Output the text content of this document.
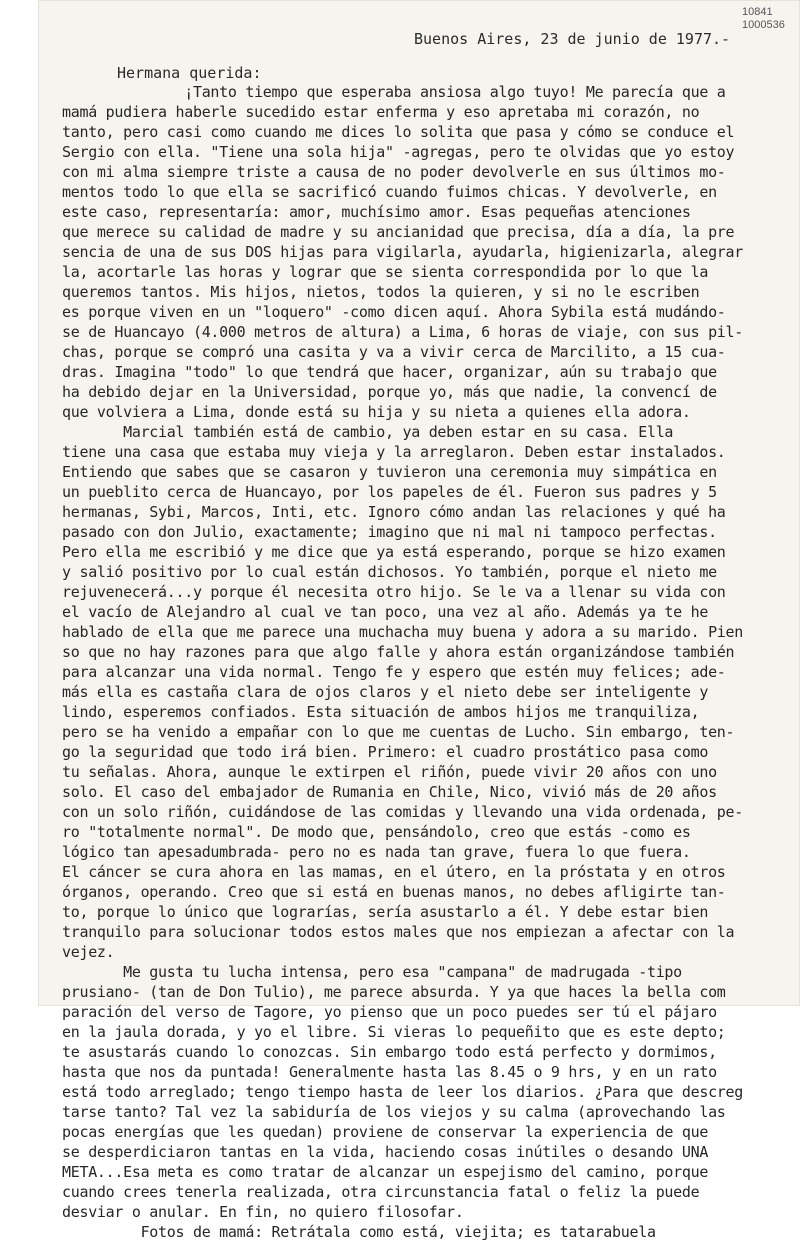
10841
1000536
Buenos Aires, 23 de junio de 1977.-
Hermana querida:
¡Tanto tiempo que esperaba ansiosa algo tuyo! Me parecía que a
mamá pudiera haberle sucedido estar enferma y eso apretaba mi corazón, no
tanto, pero casi como cuando me dices lo solita que pasa y cómo se conduce el
Sergio con ella. "Tiene una sola hija" -agregas, pero te olvidas que yo estoy
con mi alma siempre triste a causa de no poder devolverle en sus últimos mo-
mentos todo lo que ella se sacrificó cuando fuimos chicas. Y devolverle, en
este caso, representaría: amor, muchísimo amor. Esas pequeñas atenciones
que merece su calidad de madre y su ancianidad que precisa, día a día, la pre
sencia de una de sus DOS hijas para vigilarla, ayudarla, higienizarla, alegrar
la, acortarle las horas y lograr que se sienta correspondida por lo que la
queremos tantos. Mis hijos, nietos, todos la quieren, y si no le escriben
es porque viven en un "loquero" -como dicen aquí. Ahora Sybila está mudándo-
se de Huancayo (4.000 metros de altura) a Lima, 6 horas de viaje, con sus pil-
chas, porque se compró una casita y va a vivir cerca de Marcilito, a 15 cua-
dras. Imagina "todo" lo que tendrá que hacer, organizar, aún su trabajo que
ha debido dejar en la Universidad, porque yo, más que nadie, la convencí de
que volviera a Lima, donde está su hija y su nieta a quienes ella adora.
Marcial también está de cambio, ya deben estar en su casa. Ella
tiene una casa que estaba muy vieja y la arreglaron. Deben estar instalados.
Entiendo que sabes que se casaron y tuvieron una ceremonia muy simpática en
un pueblito cerca de Huancayo, por los papeles de él. Fueron sus padres y 5
hermanas, Sybi, Marcos, Inti, etc. Ignoro cómo andan las relaciones y qué ha
pasado con don Julio, exactamente; imagino que ni mal ni tampoco perfectas.
Pero ella me escribió y me dice que ya está esperando, porque se hizo examen
y salió positivo por lo cual están dichosos. Yo también, porque el nieto me
rejuvenecerá...y porque él necesita otro hijo. Se le va a llenar su vida con
el vacío de Alejandro al cual ve tan poco, una vez al año. Además ya te he
hablado de ella que me parece una muchacha muy buena y adora a su marido. Pien
so que no hay razones para que algo falle y ahora están organizándose también
para alcanzar una vida normal. Tengo fe y espero que estén muy felices; ade-
más ella es castaña clara de ojos claros y el nieto debe ser inteligente y
lindo, esperemos confiados. Esta situación de ambos hijos me tranquiliza,
pero se ha venido a empañar con lo que me cuentas de Lucho. Sin embargo, ten-
go la seguridad que todo irá bien. Primero: el cuadro prostático pasa como
tu señalas. Ahora, aunque le extirpen el riñón, puede vivir 20 años con uno
solo. El caso del embajador de Rumania en Chile, Nico, vivió más de 20 años
con un solo riñón, cuidándose de las comidas y llevando una vida ordenada, pe-
ro "totalmente normal". De modo que, pensándolo, creo que estás -como es
lógico tan apesadumbrada- pero no es nada tan grave, fuera lo que fuera.
El cáncer se cura ahora en las mamas, en el útero, en la próstata y en otros
órganos, operando. Creo que si está en buenas manos, no debes afligirte tan-
to, porque lo único que lograrías, sería asustarlo a él. Y debe estar bien
tranquilo para solucionar todos estos males que nos empiezan a afectar con la
vejez.
Me gusta tu lucha intensa, pero esa "campana" de madrugada -tipo
prusiano- (tan de Don Tulio), me parece absurda. Y ya que haces la bella com
paración del verso de Tagore, yo pienso que un poco puedes ser tú el pájaro
en la jaula dorada, y yo el libre. Si vieras lo pequeñito que es este depto;
te asustarás cuando lo conozcas. Sin embargo todo está perfecto y dormimos,
hasta que nos da puntada! Generalmente hasta las 8.45 o 9 hrs, y en un rato
está todo arreglado; tengo tiempo hasta de leer los diarios. ¿Para que descreg
tarse tanto? Tal vez la sabiduría de los viejos y su calma (aprovechando las
pocas energías que les quedan) proviene de conservar la experiencia de que
se desperdiciaron tantas en la vida, haciendo cosas inútiles o desando UNA
META...Esa meta es como tratar de alcanzar un espejismo del camino, porque
cuando crees tenerla realizada, otra circunstancia fatal o feliz la puede
desviar o anular. En fin, no quiero filosofar.
Fotos de mamá: Retrátala como está, viejita; es tatarabuela
